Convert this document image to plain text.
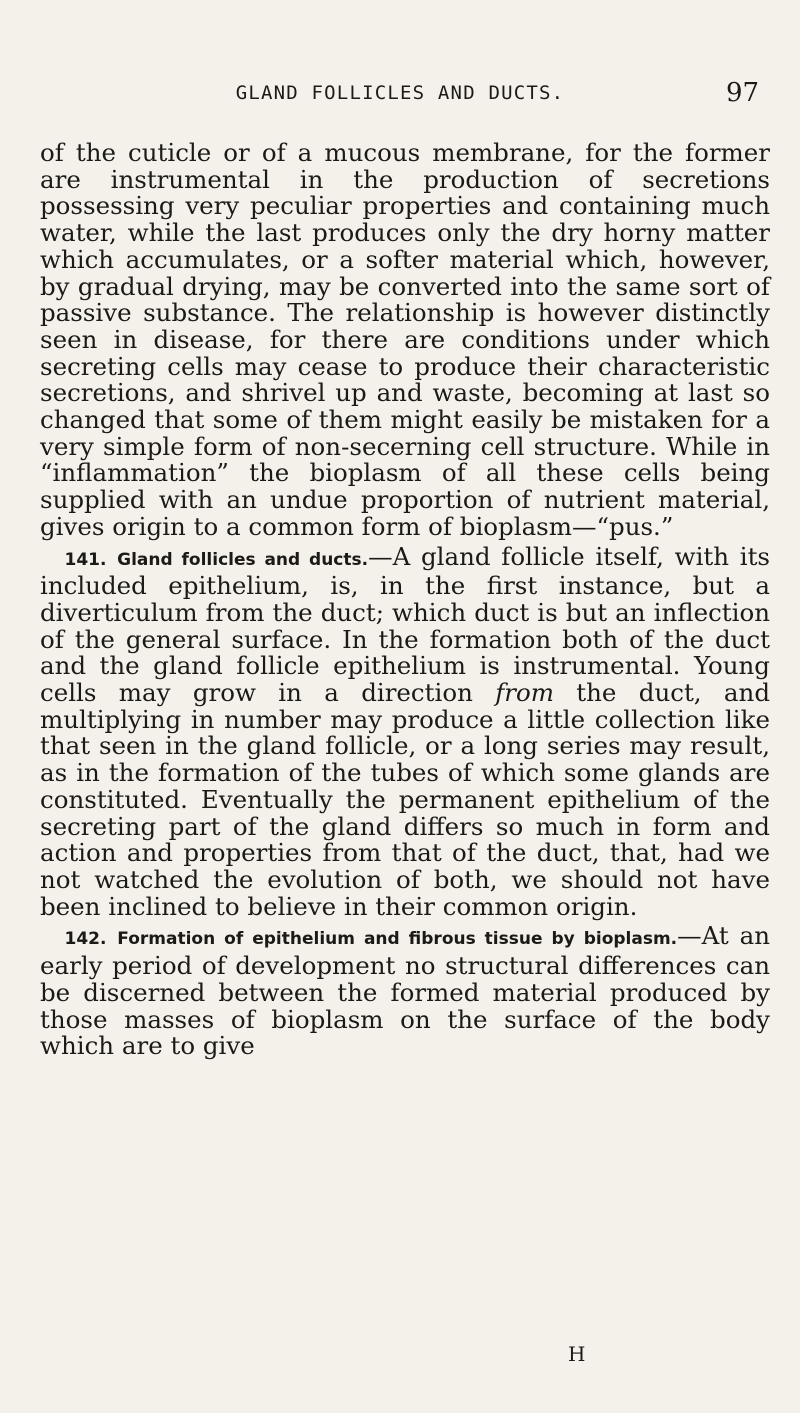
GLAND FOLLICLES AND DUCTS.	97

of the cuticle or of a mucous membrane, for the former are instrumental in the production of secretions possessing very peculiar properties and containing much water, while the last produces only the dry horny matter which accumulates, or a softer material which, however, by gradual drying, may be converted into the same sort of passive substance. The relationship is however distinctly seen in disease, for there are conditions under which secreting cells may cease to produce their characteristic secretions, and shrivel up and waste, becoming at last so changed that some of them might easily be mistaken for a very simple form of non-secerning cell structure. While in “inflammation” the bioplasm of all these cells being supplied with an undue proportion of nutrient material, gives origin to a common form of bioplasm—“pus.”

 141. Gland follicles and ducts.—A gland follicle itself, with its included epithelium, is, in the first instance, but a diverticulum from the duct; which duct is but an inflection of the general surface. In the formation both of the duct and the gland follicle epithelium is instrumental. Young cells may grow in a direction from the duct, and multiplying in number may produce a little collection like that seen in the gland follicle, or a long series may result, as in the formation of the tubes of which some glands are constituted. Eventually the permanent epithelium of the secreting part of the gland differs so much in form and action and properties from that of the duct, that, had we not watched the evolution of both, we should not have been inclined to believe in their common origin.

 142. Formation of epithelium and fibrous tissue by bioplasm.—At an early period of development no structural differences can be discerned between the formed material produced by those masses of bioplasm on the surface of the body which are to give

H
